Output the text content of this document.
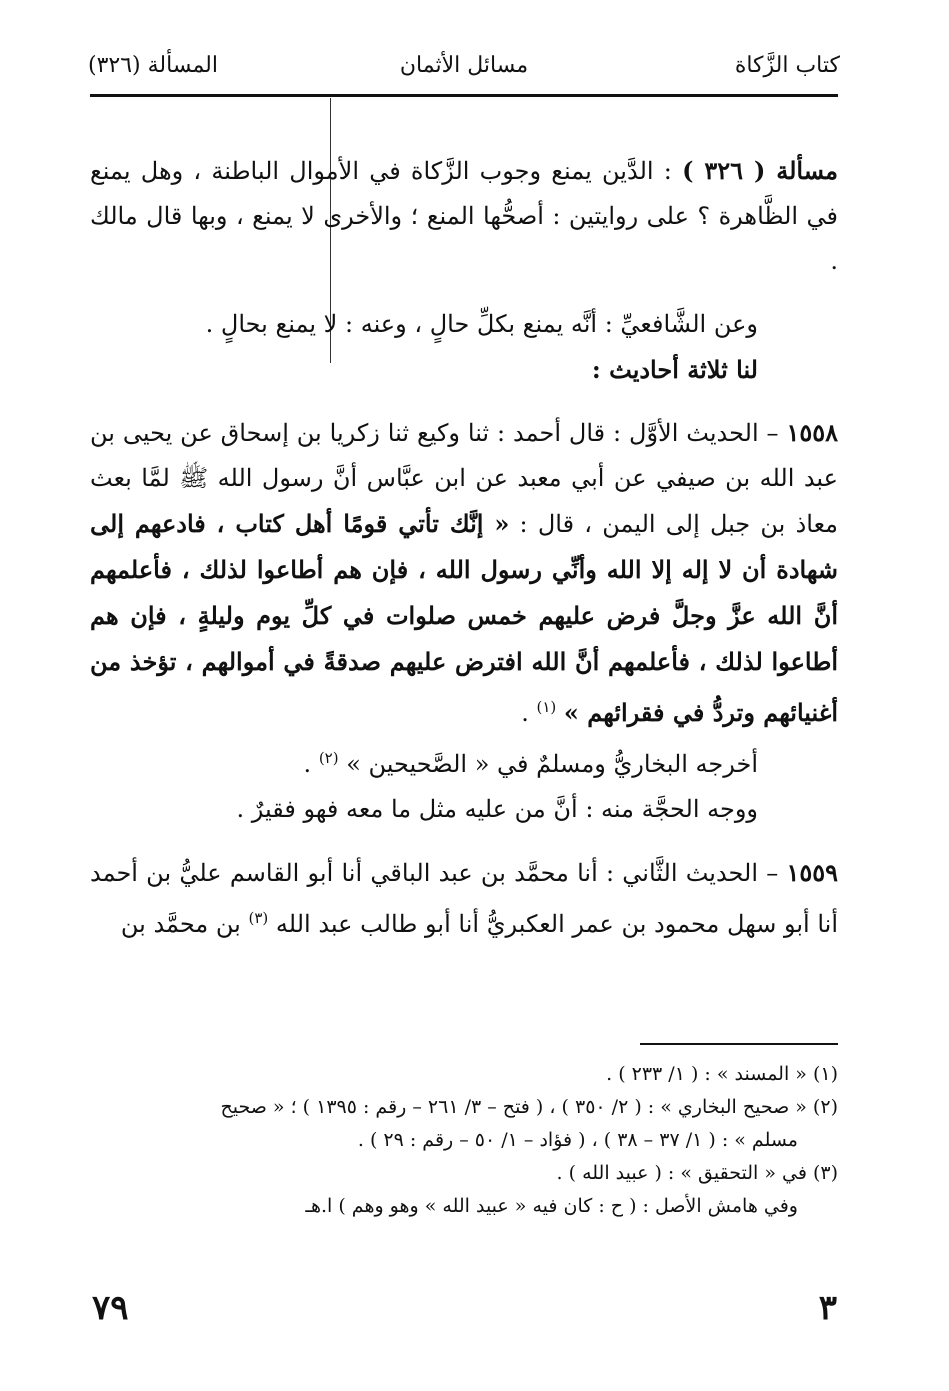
كتاب الزَّكاة
مسائل الأثمان
المسألة (٣٢٦)

مسألة ( ٣٢٦ ) : الدَّين يمنع وجوب الزَّكاة في الأموال الباطنة ، وهل يمنع في الظَّاهرة ؟ على روايتين : أصحُّها المنع ؛ والأخرى لا يمنع ، وبها قال مالك .

وعن الشَّافعيِّ : أنَّه يمنع بكلِّ حالٍ ، وعنه : لا يمنع بحالٍ .

لنا ثلاثة أحاديث :

١٥٥٨ – الحديث الأوَّل : قال أحمد : ثنا وكيع ثنا زكريا بن إسحاق عن يحيى بن عبد الله بن صيفي عن أبي معبد عن ابن عبَّاس أنَّ رسول الله ﷺ لمَّا بعث معاذ بن جبل إلى اليمن ، قال : « إنَّك تأتي قومًا أهل كتاب ، فادعهم إلى شهادة أن لا إله إلا الله وأنِّي رسول الله ، فإن هم أطاعوا لذلك ، فأعلمهم أنَّ الله عزَّ وجلَّ فرض عليهم خمس صلوات في كلِّ يوم وليلةٍ ، فإن هم أطاعوا لذلك ، فأعلمهم أنَّ الله افترض عليهم صدقةً في أموالهم ، تؤخذ من أغنيائهم وتردُّ في فقرائهم » $^{(١)}$ .

أخرجه البخاريُّ ومسلمٌ في « الصَّحيحين » $^{(٢)}$ .

ووجه الحجَّة منه : أنَّ من عليه مثل ما معه فهو فقيرٌ .

١٥٥٩ – الحديث الثَّاني : أنا محمَّد بن عبد الباقي أنا أبو القاسم عليُّ بن أحمد أنا أبو سهل محمود بن عمر العكبريُّ أنا أبو طالب عبد الله $^{(٣)}$ بن محمَّد بن

(١) « المسند » : ( ١/ ٢٣٣ ) .

(٢) « صحيح البخاري » : ( ٢/ ٣٥٠ ) ، ( فتح – ٣/ ٢٦١ – رقم : ١٣٩٥ ) ؛ « صحيح

مسلم » : ( ١/ ٣٧ – ٣٨ ) ، ( فؤاد – ١/ ٥٠ – رقم : ٢٩ ) .

(٣) في « التحقيق » : ( عبيد الله ) .

وفي هامش الأصل : ( ح : كان فيه « عبيد الله » وهو وهم ) ا.هـ

٣
٧٩
